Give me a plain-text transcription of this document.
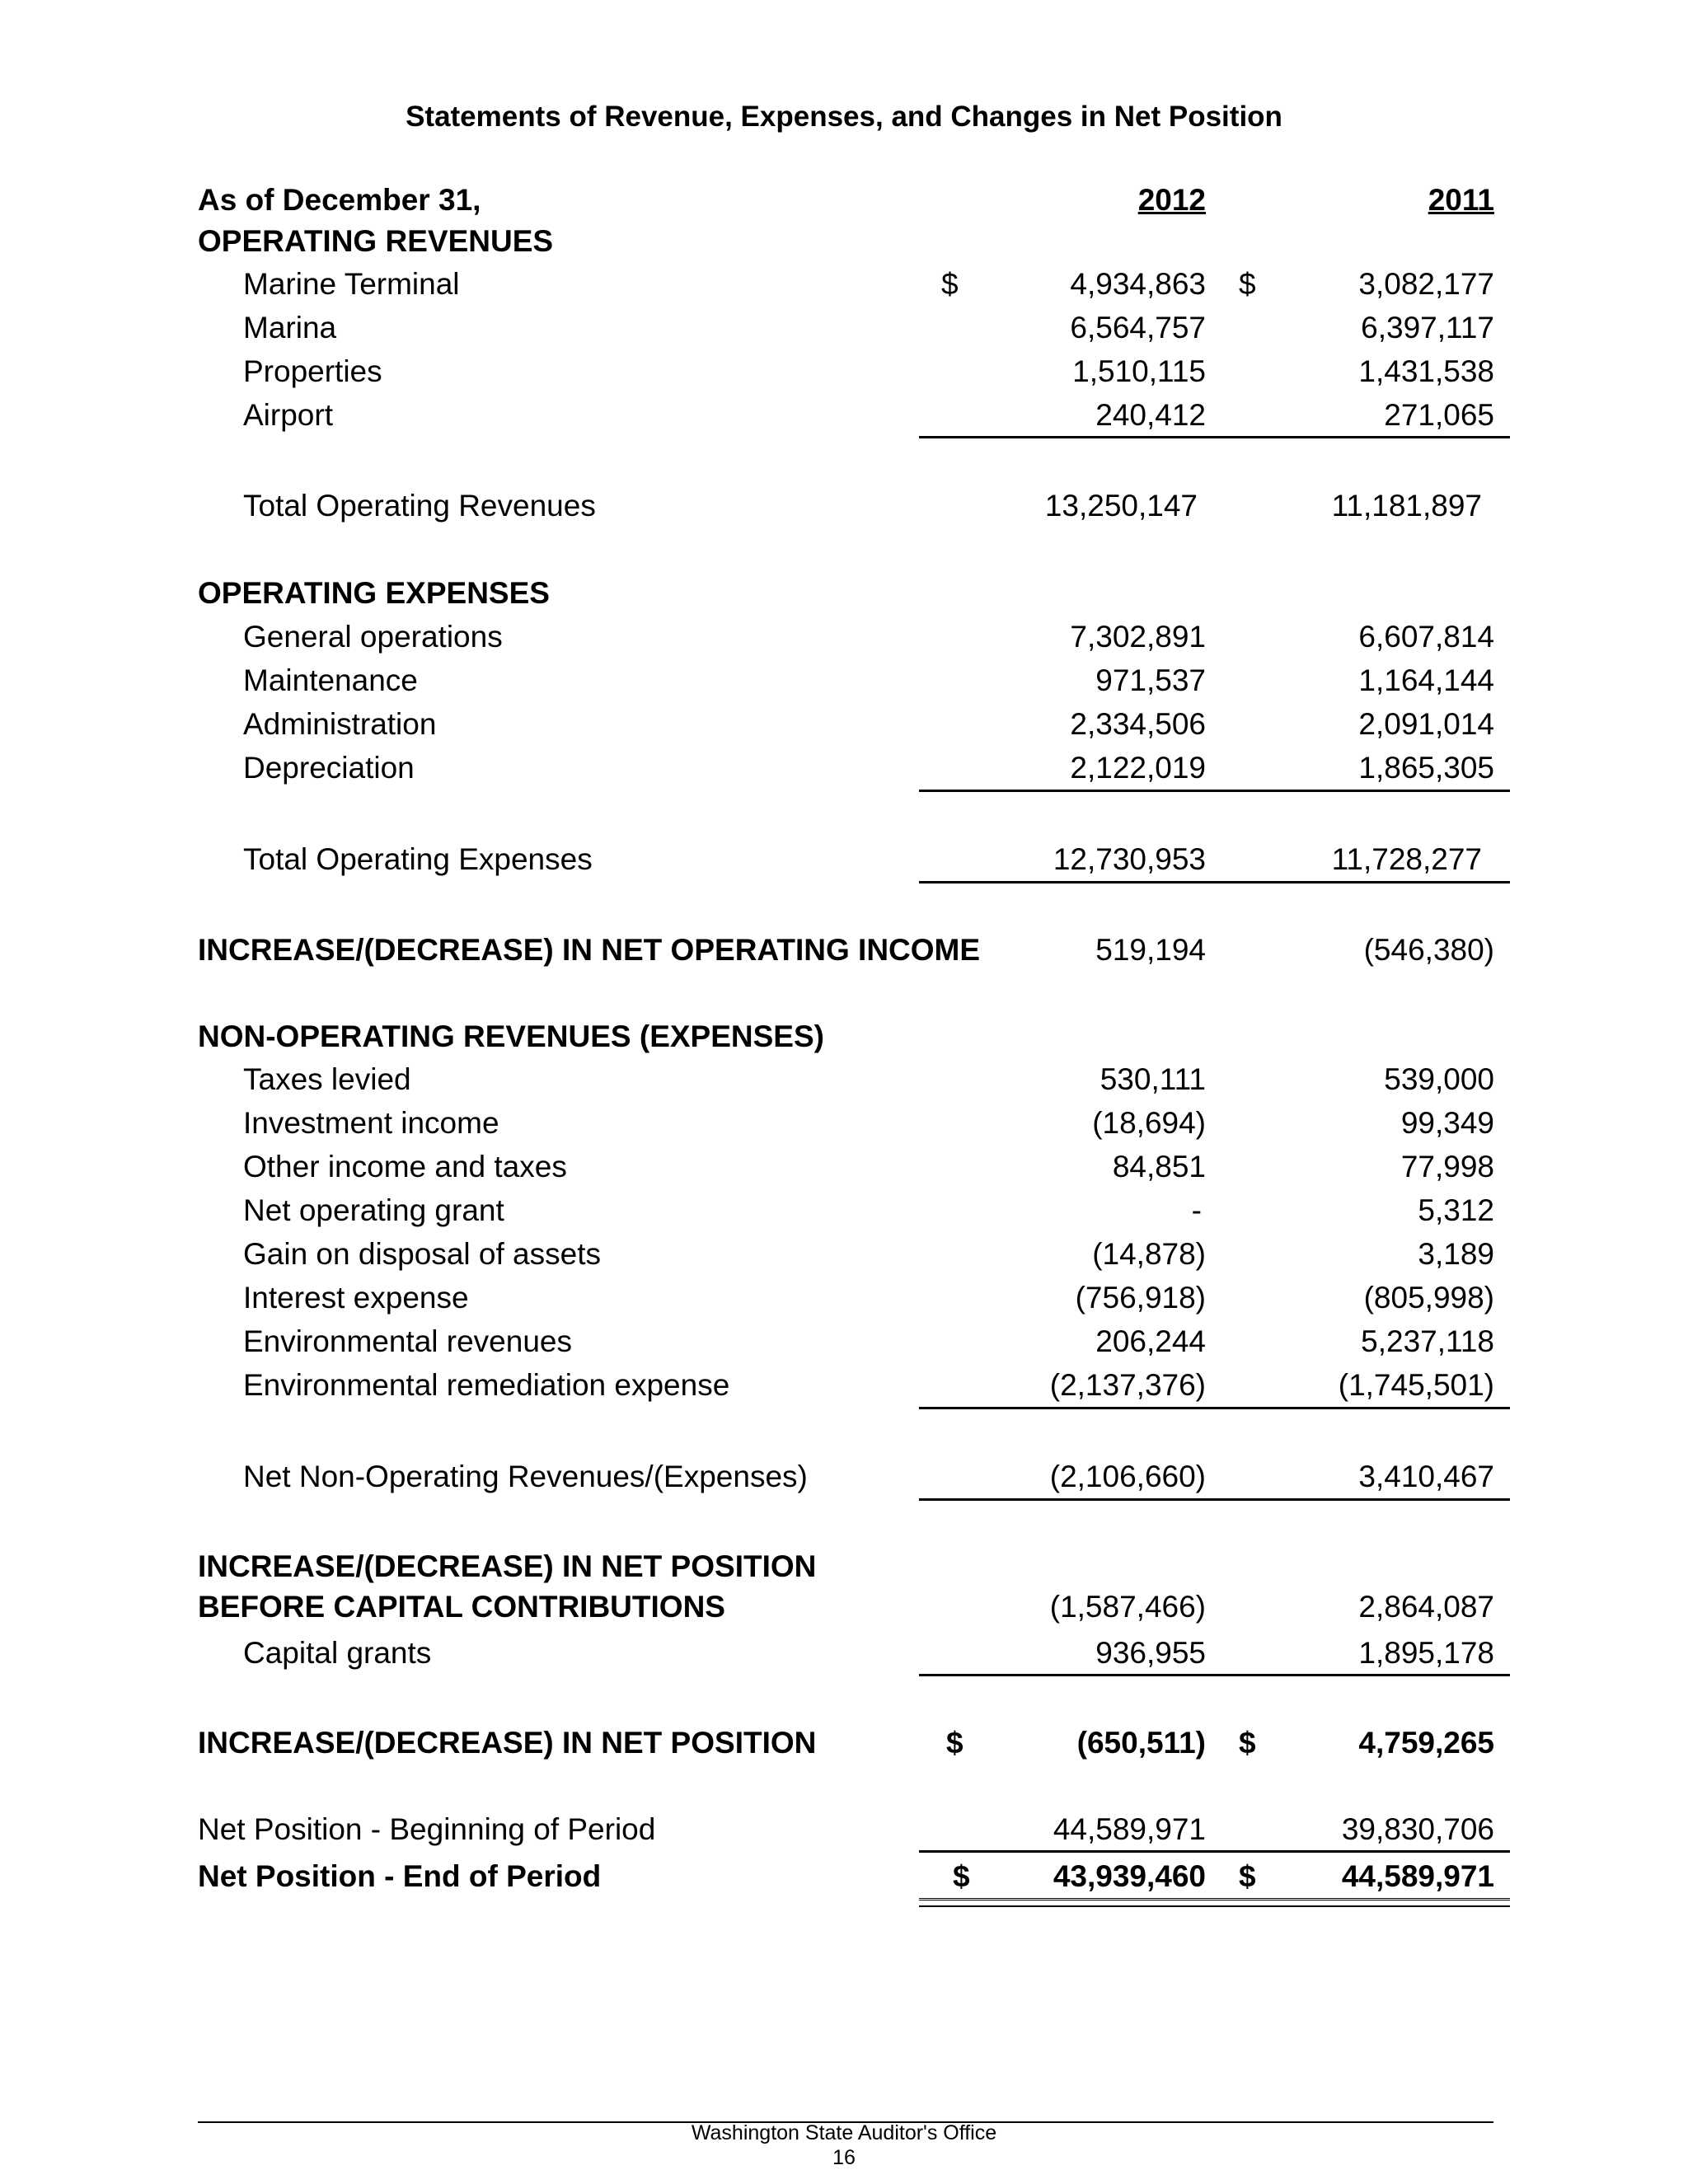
Statements of Revenue, Expenses, and Changes in Net Position
As of December 31,	2012	2011
OPERATING REVENUES
Marine Terminal	$	4,934,863 $	3,082,177
Marina	6,564,757	6,397,117
Properties	1,510,115	1,431,538
Airport	240,412	271,065
Total Operating Revenues	13,250,147	11,181,897
OPERATING EXPENSES
General operations	7,302,891	6,607,814
Maintenance	971,537	1,164,144
Administration	2,334,506	2,091,014
Depreciation	2,122,019	1,865,305
Total Operating Expenses	12,730,953	11,728,277
INCREASE/(DECREASE) IN NET OPERATING INCOME	519,194	(546,380)
NON-OPERATING REVENUES (EXPENSES)
Taxes levied	530,111	539,000
Investment income	(18,694)	99,349
Other income and taxes	84,851	77,998
Net operating grant	-	5,312
Gain on disposal of assets	(14,878)	3,189
Interest expense	(756,918)	(805,998)
Environmental revenues	206,244	5,237,118
Environmental remediation expense	(2,137,376)	(1,745,501)
Net Non-Operating Revenues/(Expenses)	(2,106,660)	3,410,467
INCREASE/(DECREASE) IN NET POSITION
BEFORE CAPITAL CONTRIBUTIONS	(1,587,466)	2,864,087
Capital grants	936,955	1,895,178
INCREASE/(DECREASE) IN NET POSITION	$	(650,511) $	4,759,265
Net Position - Beginning of Period	44,589,971	39,830,706
Net Position - End of Period	$	43,939,460 $	44,589,971
Washington State Auditor's Office
16
